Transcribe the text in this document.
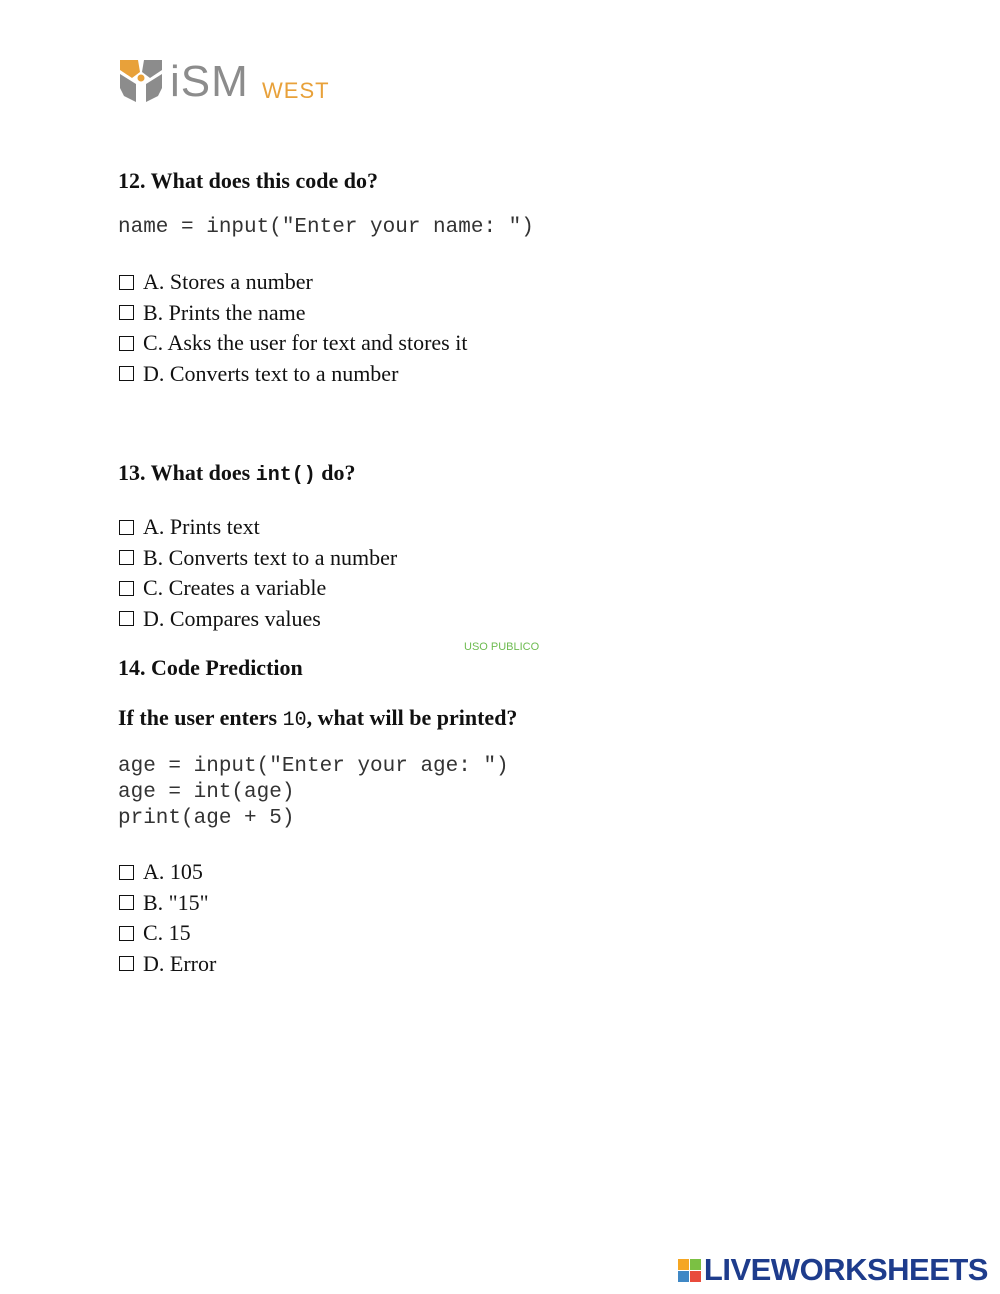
iSM WEST
12. What does this code do?
name = input("Enter your name: ")
A. Stores a number
B. Prints the name
C. Asks the user for text and stores it
D. Converts text to a number
13. What does int() do?
A. Prints text
B. Converts text to a number
C. Creates a variable
D. Compares values
USO PUBLICO
14. Code Prediction
If the user enters 10, what will be printed?
age = input("Enter your age: ")
age = int(age)
print(age + 5)
A. 105
B. "15"
C. 15
D. Error
LIVEWORKSHEETS
